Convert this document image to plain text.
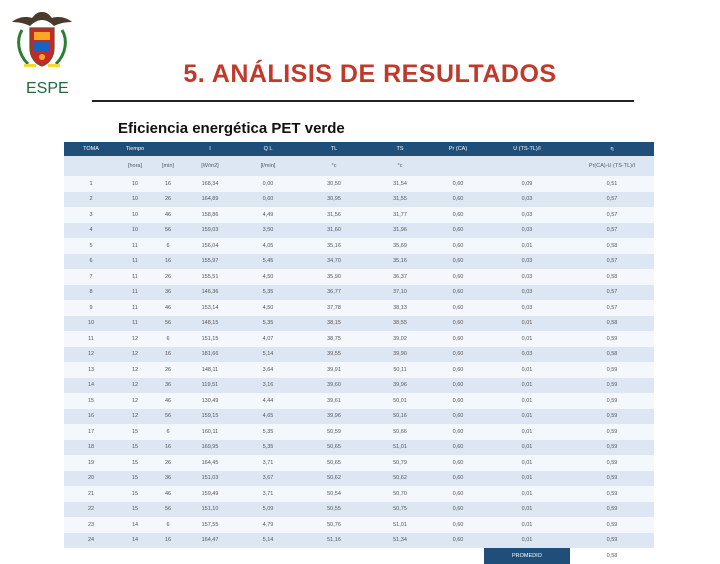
ESPE
5. ANÁLISIS DE RESULTADOS
Eficiencia energética PET verde
TOMA	Tiempo		I	Q L	TL	TS	Pr (CA)	U (TS-TL)/I	η
	[hora]	[min]	[W/m2]	[l/min]	°c	°c			Pr(CA)-U (TS-TL)/I
1	10	16	168,34	0,00	30,50	31,54	0,60	0,09	0,51
2	10	26	164,89	0,60	30,95	31,55	0,60	0,03	0,57
3	10	46	158,86	4,49	31,56	31,77	0,60	0,03	0,57
4	10	56	159,03	3,50	31,60	31,96	0,60	0,03	0,57
5	11	6	156,04	4,05	35,16	35,69	0,60	0,01	0,58
6	11	16	155,97	5,45	34,70	35,16	0,60	0,03	0,57
7	11	26	155,51	4,50	35,90	36,37	0,60	0,03	0,58
8	11	36	146,36	5,35	36,77	37,10	0,60	0,03	0,57
9	11	46	153,14	4,50	37,78	38,13	0,60	0,03	0,57
10	11	56	148,15	5,35	38,15	38,55	0,60	0,01	0,58
11	12	6	151,15	4,07	38,75	39,02	0,60	0,01	0,59
12	12	16	181,66	5,14	39,55	39,90	0,60	0,03	0,58
13	12	26	148,11	3,64	39,91	50,11	0,60	0,01	0,59
14	12	36	119,51	3,16	39,60	39,96	0,60	0,01	0,59
15	12	46	130,49	4,44	39,61	50,01	0,60	0,01	0,59
16	12	56	159,15	4,65	39,96	50,16	0,60	0,01	0,59
17	15	6	160,11	5,35	50,59	50,66	0,60	0,01	0,59
18	15	16	169,95	5,35	50,65	51,01	0,60	0,01	0,59
19	15	26	164,45	3,71	50,65	50,79	0,60	0,01	0,59
20	15	36	151,03	3,67	50,62	50,62	0,60	0,01	0,59
21	15	46	159,49	3,71	50,54	50,70	0,60	0,01	0,59
22	15	56	151,10	5,09	50,55	50,75	0,60	0,01	0,59
23	14	6	157,55	4,79	50,76	51,01	0,60	0,01	0,59
24	14	16	164,47	5,14	51,16	51,34	0,60	0,01	0,59
								PROMEDIO	0,58
